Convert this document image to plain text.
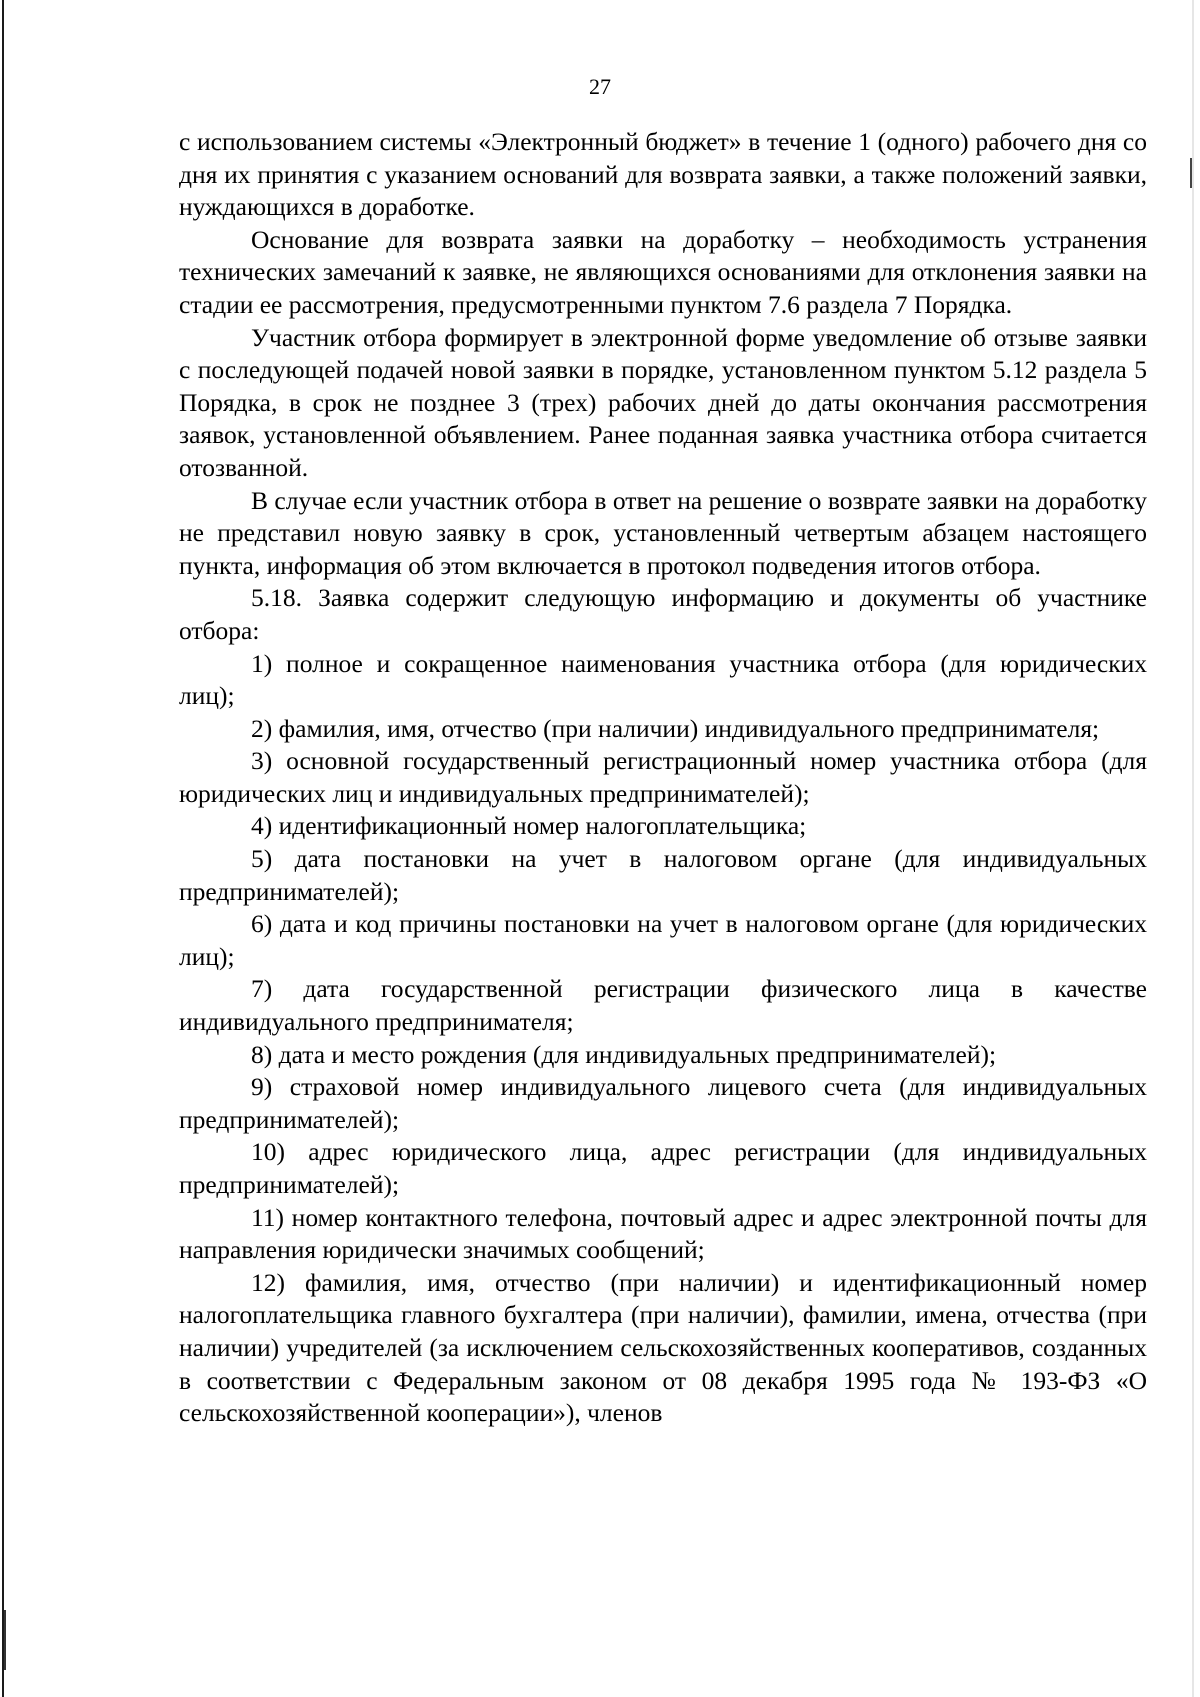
27

с использованием системы «Электронный бюджет» в течение 1 (одного) рабочего дня со дня их принятия с указанием оснований для возврата заявки, а также положений заявки, нуждающихся в доработке.

Основание для возврата заявки на доработку – необходимость устранения технических замечаний к заявке, не являющихся основаниями для отклонения заявки на стадии ее рассмотрения, предусмотренными пунктом 7.6 раздела 7 Порядка.

Участник отбора формирует в электронной форме уведомление об отзыве заявки с последующей подачей новой заявки в порядке, установленном пунктом 5.12 раздела 5 Порядка, в срок не позднее 3 (трех) рабочих дней до даты окончания рассмотрения заявок, установленной объявлением. Ранее поданная заявка участника отбора считается отозванной.

В случае если участник отбора в ответ на решение о возврате заявки на доработку не представил новую заявку в срок, установленный четвертым абзацем настоящего пункта, информация об этом включается в протокол подведения итогов отбора.

5.18. Заявка содержит следующую информацию и документы об участнике отбора:

1) полное и сокращенное наименования участника отбора (для юридических лиц);

2) фамилия, имя, отчество (при наличии) индивидуального предпринимателя;

3) основной государственный регистрационный номер участника отбора (для юридических лиц и индивидуальных предпринимателей);

4) идентификационный номер налогоплательщика;

5) дата постановки на учет в налоговом органе (для индивидуальных предпринимателей);

6) дата и код причины постановки на учет в налоговом органе (для юридических лиц);

7) дата государственной регистрации физического лица в качестве индивидуального предпринимателя;

8) дата и место рождения (для индивидуальных предпринимателей);

9) страховой номер индивидуального лицевого счета (для индивидуальных предпринимателей);

10) адрес юридического лица, адрес регистрации (для индивидуальных предпринимателей);

11) номер контактного телефона, почтовый адрес и адрес электронной почты для направления юридически значимых сообщений;

12) фамилия, имя, отчество (при наличии) и идентификационный номер налогоплательщика главного бухгалтера (при наличии), фамилии, имена, отчества (при наличии) учредителей (за исключением сельскохозяйственных кооперативов, созданных в соответствии с Федеральным законом от 08 декабря 1995 года № 193-ФЗ «О сельскохозяйственной кооперации»), членов
